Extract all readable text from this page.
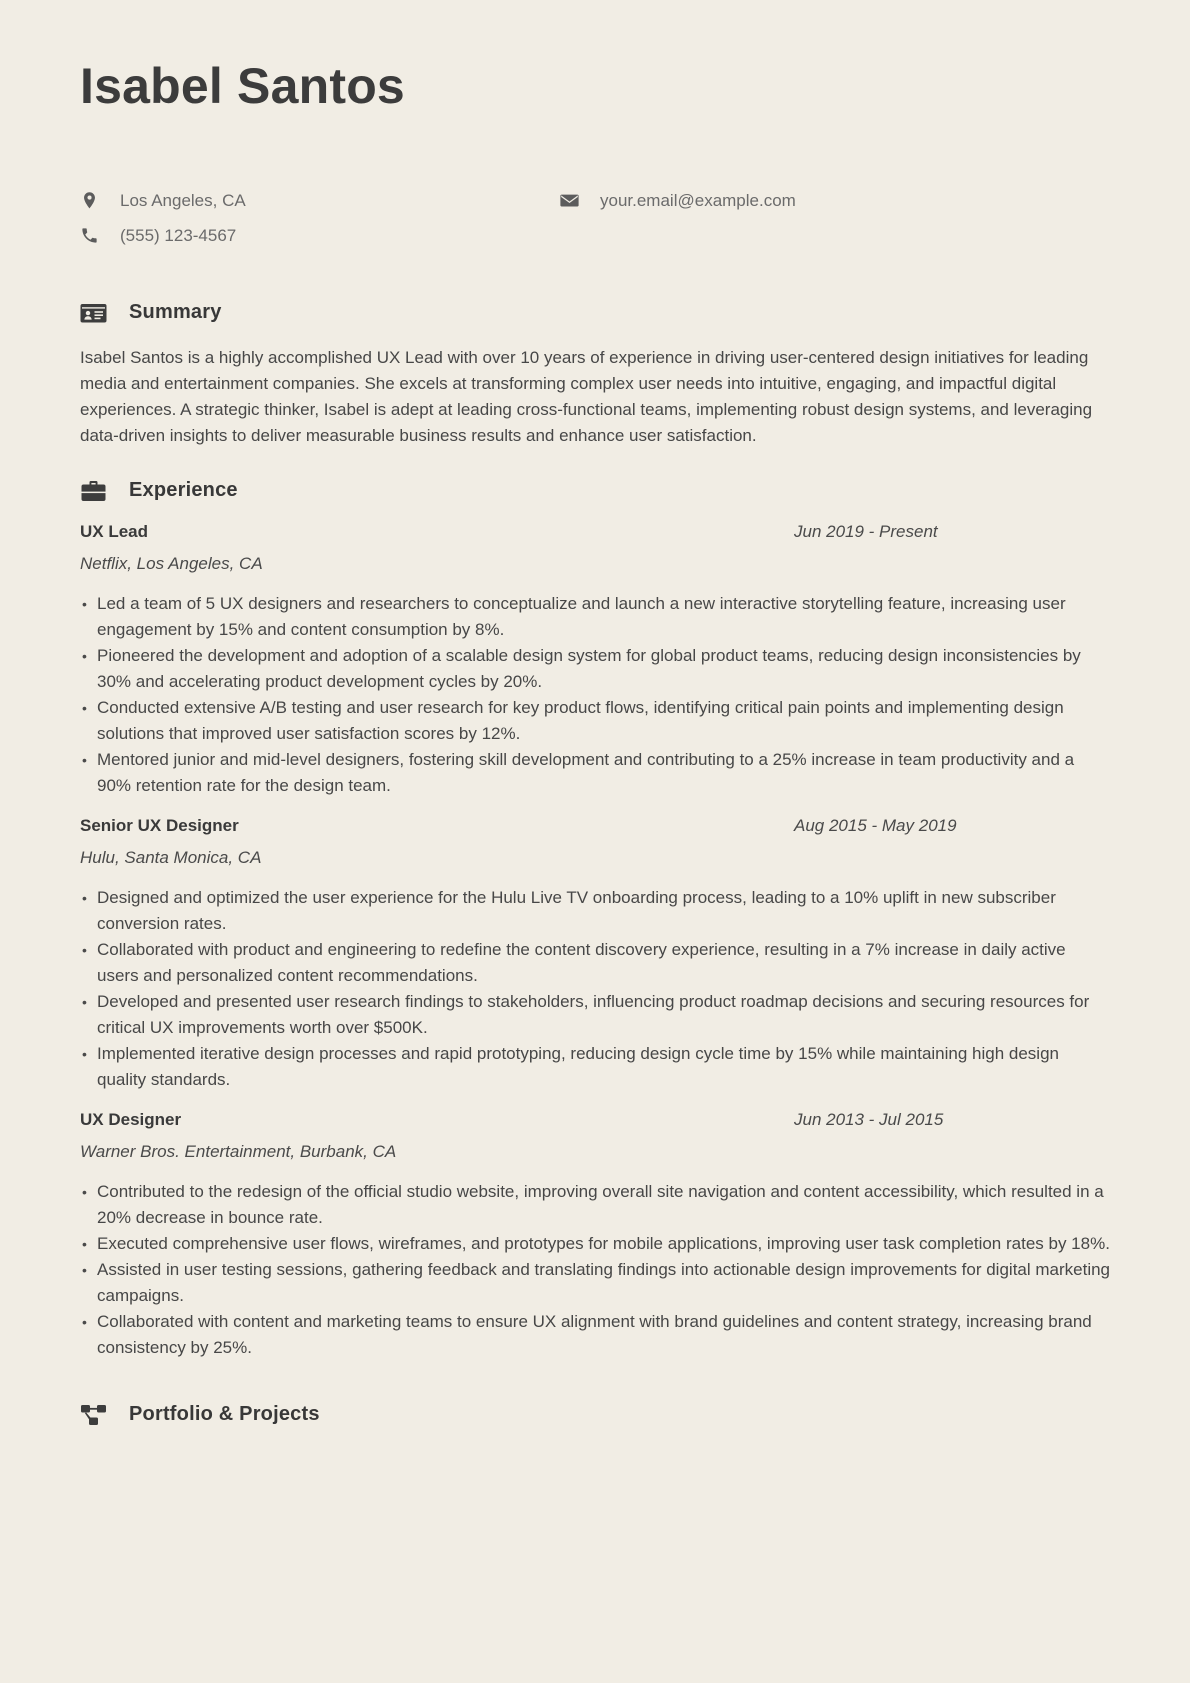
Isabel Santos
Los Angeles, CA	your.email@example.com
(555) 123-4567
Summary

Isabel Santos is a highly accomplished UX Lead with over 10 years of experience in driving user-centered design initiatives for leading media and entertainment companies. She excels at transforming complex user needs into intuitive, engaging, and impactful digital experiences. A strategic thinker, Isabel is adept at leading cross-functional teams, implementing robust design systems, and leveraging data-driven insights to deliver measurable business results and enhance user satisfaction.

Experience
UX Lead	Jun 2019 - Present
Netflix, Los Angeles, CA
• Led a team of 5 UX designers and researchers to conceptualize and launch a new interactive storytelling feature, increasing user engagement by 15% and content consumption by 8%.
• Pioneered the development and adoption of a scalable design system for global product teams, reducing design inconsistencies by 30% and accelerating product development cycles by 20%.
• Conducted extensive A/B testing and user research for key product flows, identifying critical pain points and implementing design solutions that improved user satisfaction scores by 12%.
• Mentored junior and mid-level designers, fostering skill development and contributing to a 25% increase in team productivity and a 90% retention rate for the design team.
Senior UX Designer	Aug 2015 - May 2019
Hulu, Santa Monica, CA
• Designed and optimized the user experience for the Hulu Live TV onboarding process, leading to a 10% uplift in new subscriber conversion rates.
• Collaborated with product and engineering to redefine the content discovery experience, resulting in a 7% increase in daily active users and personalized content recommendations.
• Developed and presented user research findings to stakeholders, influencing product roadmap decisions and securing resources for critical UX improvements worth over $500K.
• Implemented iterative design processes and rapid prototyping, reducing design cycle time by 15% while maintaining high design quality standards.
UX Designer	Jun 2013 - Jul 2015
Warner Bros. Entertainment, Burbank, CA
• Contributed to the redesign of the official studio website, improving overall site navigation and content accessibility, which resulted in a 20% decrease in bounce rate.
• Executed comprehensive user flows, wireframes, and prototypes for mobile applications, improving user task completion rates by 18%.
• Assisted in user testing sessions, gathering feedback and translating findings into actionable design improvements for digital marketing campaigns.
• Collaborated with content and marketing teams to ensure UX alignment with brand guidelines and content strategy, increasing brand consistency by 25%.
Portfolio & Projects
